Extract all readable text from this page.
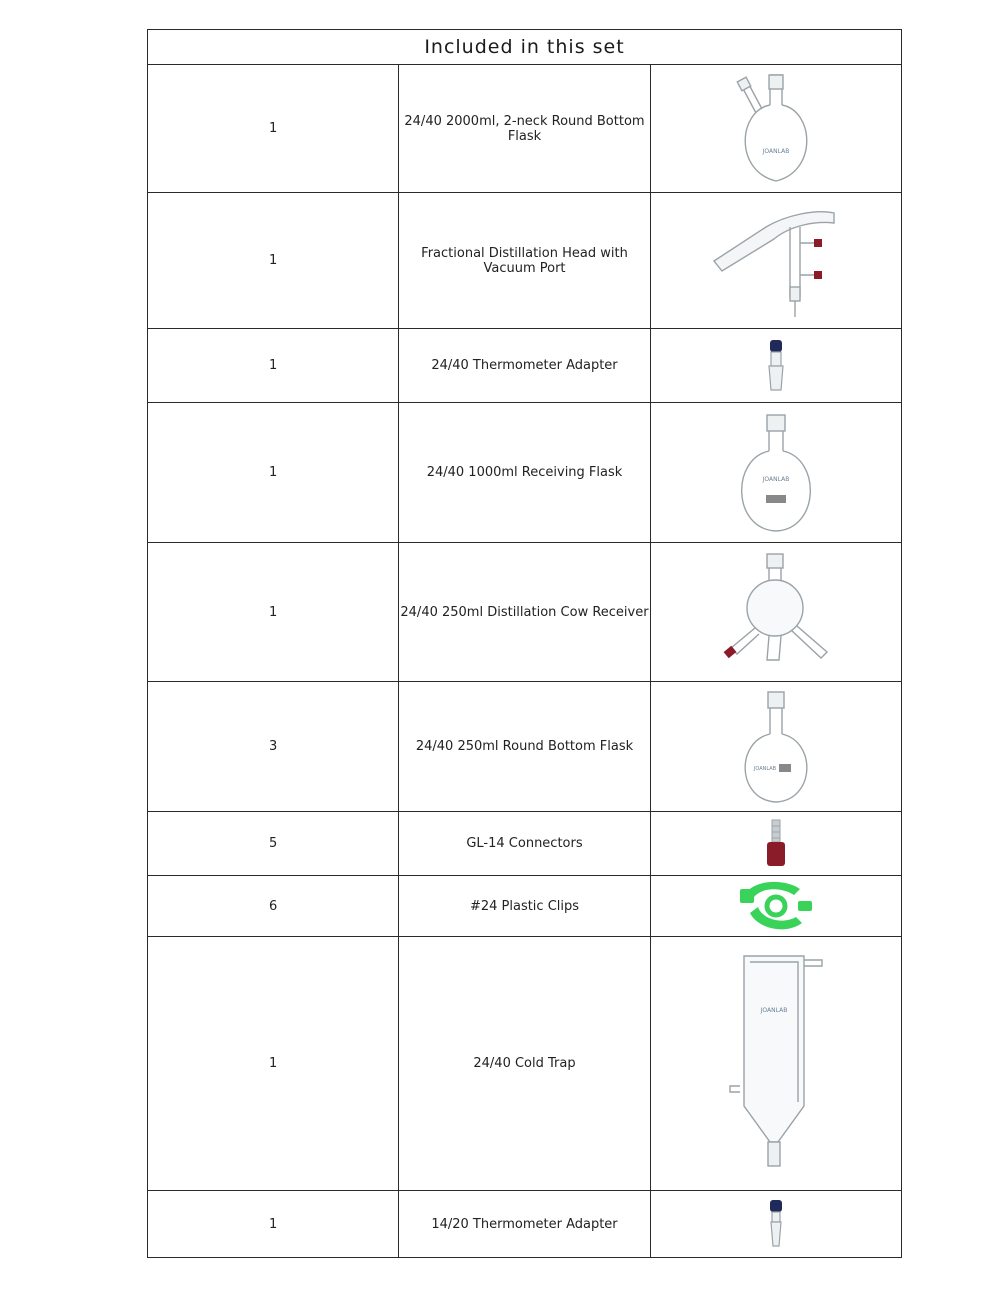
Included in this set		
1	24/40 2000ml, 2-neck Round Bottom Flask	JOANLAB

1	Fractional Distillation Head with Vacuum Port	

1	24/40 Thermometer Adapter	

1	24/40 1000ml Receiving Flask	JOANLAB

1	24/40 250ml Distillation Cow Receiver	

3	24/40 250ml Round Bottom Flask	JOANLAB

5	GL-14 Connectors	

6	#24 Plastic Clips	

1	24/40 Cold Trap	JOANLAB

1	14/20 Thermometer Adapter	
